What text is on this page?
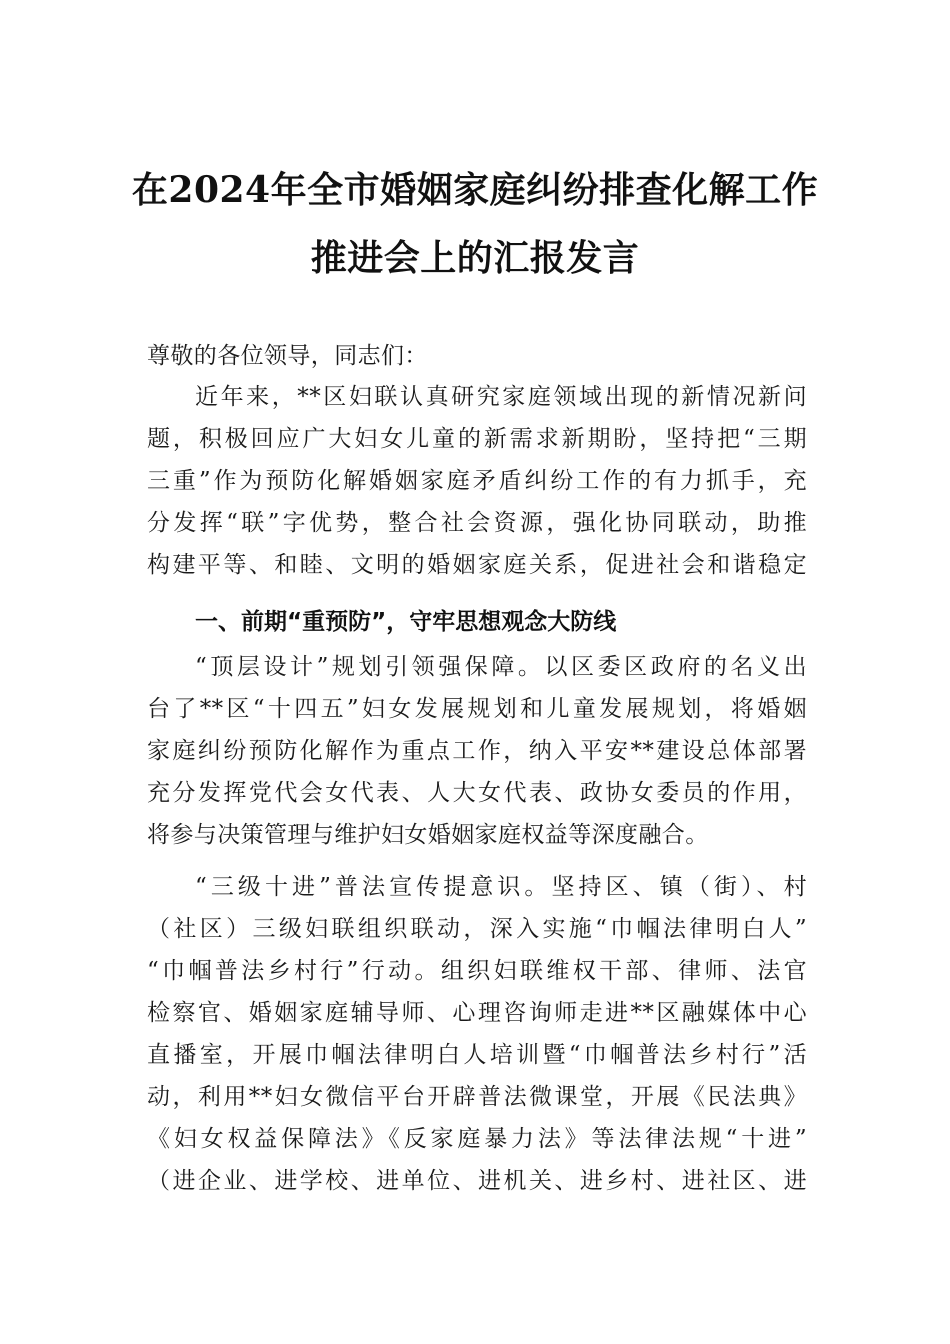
在2024年全市婚姻家庭纠纷排查化解工作
推进会上的汇报发言
尊敬的各位领导，同志们：
近年来，**区妇联认真研究家庭领域出现的新情况新问
题，积极回应广大妇女儿童的新需求新期盼，坚持把“三期
三重”作为预防化解婚姻家庭矛盾纠纷工作的有力抓手，充
分发挥“联”字优势，整合社会资源，强化协同联动，助推
构建平等、和睦、文明的婚姻家庭关系，促进社会和谐稳定
一、前期“重预防”，守牢思想观念大防线
“顶层设计”规划引领强保障。以区委区政府的名义出
台了**区“十四五”妇女发展规划和儿童发展规划，将婚姻
家庭纠纷预防化解作为重点工作，纳入平安**建设总体部署
充分发挥党代会女代表、人大女代表、政协女委员的作用，
将参与决策管理与维护妇女婚姻家庭权益等深度融合。
“三级十进”普法宣传提意识。坚持区、镇（街）、村
（社区）三级妇联组织联动，深入实施“巾帼法律明白人”
“巾帼普法乡村行”行动。组织妇联维权干部、律师、法官
检察官、婚姻家庭辅导师、心理咨询师走进**区融媒体中心
直播室，开展巾帼法律明白人培训暨“巾帼普法乡村行”活
动，利用**妇女微信平台开辟普法微课堂，开展《民法典》
《妇女权益保障法》《反家庭暴力法》等法律法规“十进”
（进企业、进学校、进单位、进机关、进乡村、进社区、进
